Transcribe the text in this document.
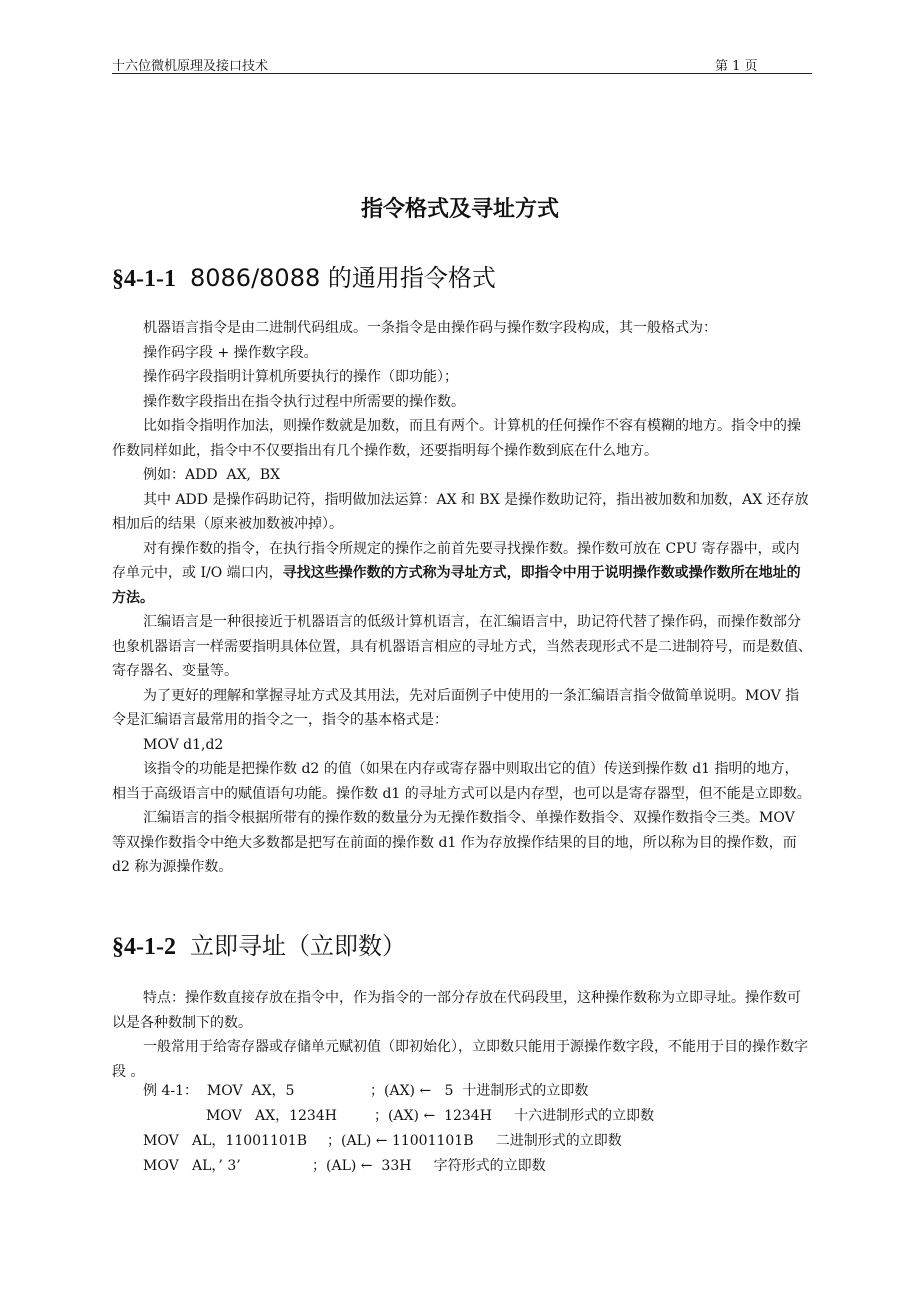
十六位微机原理及接口技术	第 1 页
指令格式及寻址方式
§4-1-1 8086/8088 的通用指令格式

机器语言指令是由二进制代码组成。一条指令是由操作码与操作数字段构成，其一般格式为：

操作码字段 + 操作数字段。

操作码字段指明计算机所要执行的操作（即功能）；

操作数字段指出在指令执行过程中所需要的操作数。

比如指令指明作加法，则操作数就是加数，而且有两个。计算机的任何操作不容有模糊的地方。指令中的操作数同样如此，指令中不仅要指出有几个操作数，还要指明每个操作数到底在什么地方。

例如：ADD  AX,  BX

其中 ADD 是操作码助记符，指明做加法运算：AX 和 BX 是操作数助记符，指出被加数和加数，AX 还存放相加后的结果（原来被加数被冲掉）。

对有操作数的指令，在执行指令所规定的操作之前首先要寻找操作数。操作数可放在 CPU 寄存器中，或内存单元中，或 I/O 端口内，寻找这些操作数的方式称为寻址方式，即指令中用于说明操作数或操作数所在地址的方法。

汇编语言是一种很接近于机器语言的低级计算机语言，在汇编语言中，助记符代替了操作码，而操作数部分也象机器语言一样需要指明具体位置，具有机器语言相应的寻址方式，当然表现形式不是二进制符号，而是数值、寄存器名、变量等。

为了更好的理解和掌握寻址方式及其用法，先对后面例子中使用的一条汇编语言指令做简单说明。MOV 指令是汇编语言最常用的指令之一，指令的基本格式是：

MOV d1,d2

该指令的功能是把操作数 d2 的值（如果在内存或寄存器中则取出它的值）传送到操作数 d1 指明的地方，相当于高级语言中的赋值语句功能。操作数 d1 的寻址方式可以是内存型，也可以是寄存器型，但不能是立即数。

汇编语言的指令根据所带有的操作数的数量分为无操作数指令、单操作数指令、双操作数指令三类。MOV 等双操作数指令中绝大多数都是把写在前面的操作数 d1 作为存放操作结果的目的地，所以称为目的操作数，而 d2 称为源操作数。

§4-1-2 立即寻址（立即数）

特点：操作数直接存放在指令中，作为指令的一部分存放在代码段里，这种操作数称为立即寻址。操作数可以是各种数制下的数。

一般常用于给寄存器或存储单元赋初值（即初始化），立即数只能用于源操作数字段，不能用于目的操作数字段 。

例 4-1：  MOV  AX，5	；(AX) ←   5  十进制形式的立即数
MOV   AX，1234H	；(AX) ←  1234H     十六进制形式的立即数
MOV   AL，11001101B ；(AL) ← 11001101B     二进制形式的立即数
MOV   AL，’ 3’	；(AL) ←  33H     字符形式的立即数
